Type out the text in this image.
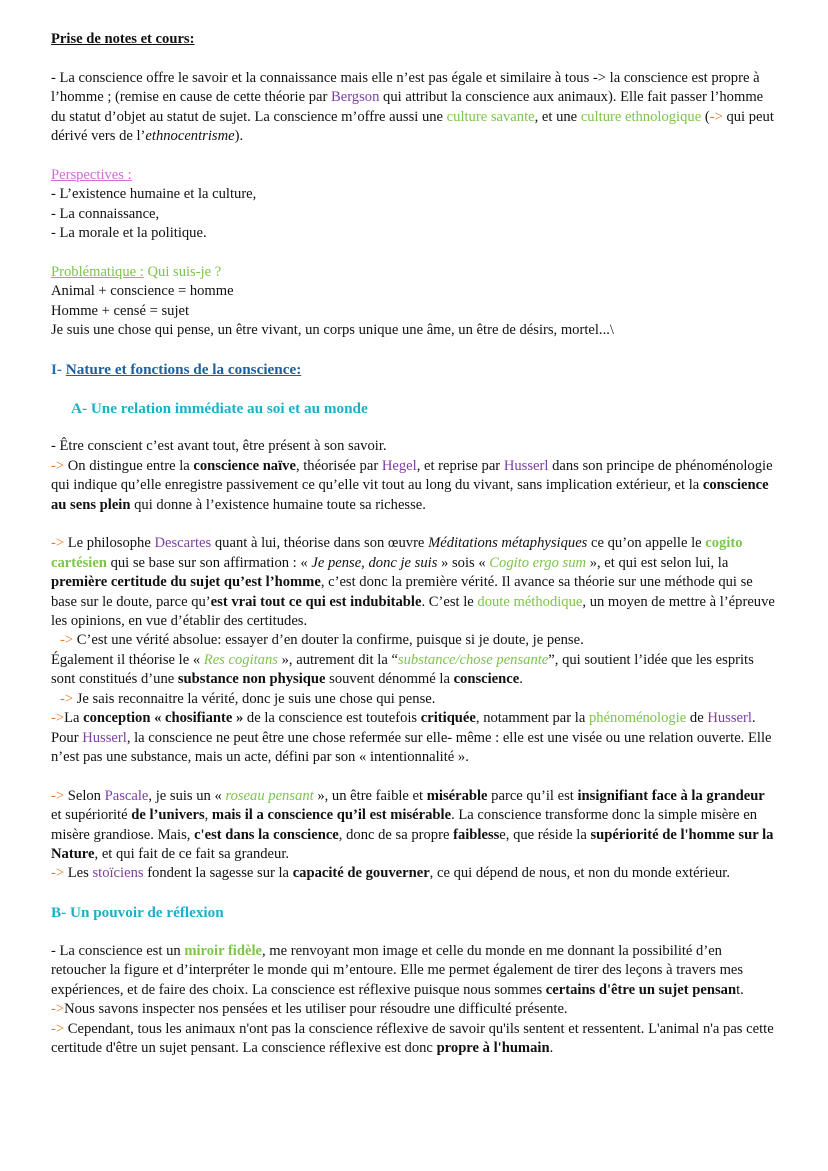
Prise de notes et cours:

- La conscience offre le savoir et la connaissance mais elle n’est pas égale et similaire à tous -> la conscience est propre à l’homme ; (remise en cause de cette théorie par Bergson qui attribut la conscience aux animaux). Elle fait passer l’homme du statut d’objet au statut de sujet. La conscience m’offre aussi une culture savante, et une culture ethnologique (-> qui peut dérivé vers de l’ethnocentrisme).

Perspectives :

- L’existence humaine et la culture,

- La connaissance,

- La morale et la politique.

Problématique : Qui suis-je ?

Animal + conscience = homme

Homme + censé = sujet

Je suis une chose qui pense, un être vivant, un corps unique une âme, un être de désirs, mortel...\

I- Nature et fonctions de la conscience:

A- Une relation immédiate au soi et au monde

- Être conscient c’est avant tout, être présent à son savoir.

-> On distingue entre la conscience naïve, théorisée par Hegel, et reprise par Husserl dans son principe de phénoménologie qui indique qu’elle enregistre passivement ce qu’elle vit tout au long du vivant, sans implication extérieur, et la conscience au sens plein qui donne à l’existence humaine toute sa richesse.

-> Le philosophe Descartes quant à lui, théorise dans son œuvre Méditations métaphysiques ce qu’on appelle le cogito cartésien qui se base sur son affirmation : « Je pense, donc je suis » sois « Cogito ergo sum », et qui est selon lui, la première certitude du sujet qu’est l’homme, c’est donc la première vérité. Il avance sa théorie sur une méthode qui se base sur le doute, parce qu’est vrai tout ce qui est indubitable. C’est le doute méthodique, un moyen de mettre à l’épreuve les opinions, en vue d’établir des certitudes.

-> C’est une vérité absolue: essayer d’en douter la confirme, puisque si je doute, je pense.

Également il théorise le « Res cogitans », autrement dit la “substance/chose pensante”, qui soutient l’idée que les esprits sont constitués d’une substance non physique souvent dénommé la conscience.

-> Je sais reconnaitre la vérité, donc je suis une chose qui pense.

->La conception « chosifiante » de la conscience est toutefois critiquée, notamment par la phénoménologie de Husserl. Pour Husserl, la conscience ne peut être une chose refermée sur elle- même : elle est une visée ou une relation ouverte. Elle n’est pas une substance, mais un acte, défini par son « intentionnalité ».

-> Selon Pascale, je suis un « roseau pensant », un être faible et misérable parce qu’il est insignifiant face à la grandeur et supériorité de l’univers, mais il a conscience qu’il est misérable. La conscience transforme donc la simple misère en misère grandiose. Mais, c'est dans la conscience, donc de sa propre faiblesse, que réside la supériorité de l'homme sur la Nature, et qui fait de ce fait sa grandeur.

-> Les stoïciens fondent la sagesse sur la capacité de gouverner, ce qui dépend de nous, et non du monde extérieur.

B- Un pouvoir de réflexion

- La conscience est un miroir fidèle, me renvoyant mon image et celle du monde en me donnant la possibilité d’en retoucher la figure et d’interpréter le monde qui m’entoure. Elle me permet également de tirer des leçons à travers mes expériences, et de faire des choix. La conscience est réflexive puisque nous sommes certains d'être un sujet pensant.

->Nous savons inspecter nos pensées et les utiliser pour résoudre une difficulté présente.

-> Cependant, tous les animaux n'ont pas la conscience réflexive de savoir qu'ils sentent et ressentent. L'animal n'a pas cette certitude d'être un sujet pensant. La conscience réflexive est donc propre à l'humain.
